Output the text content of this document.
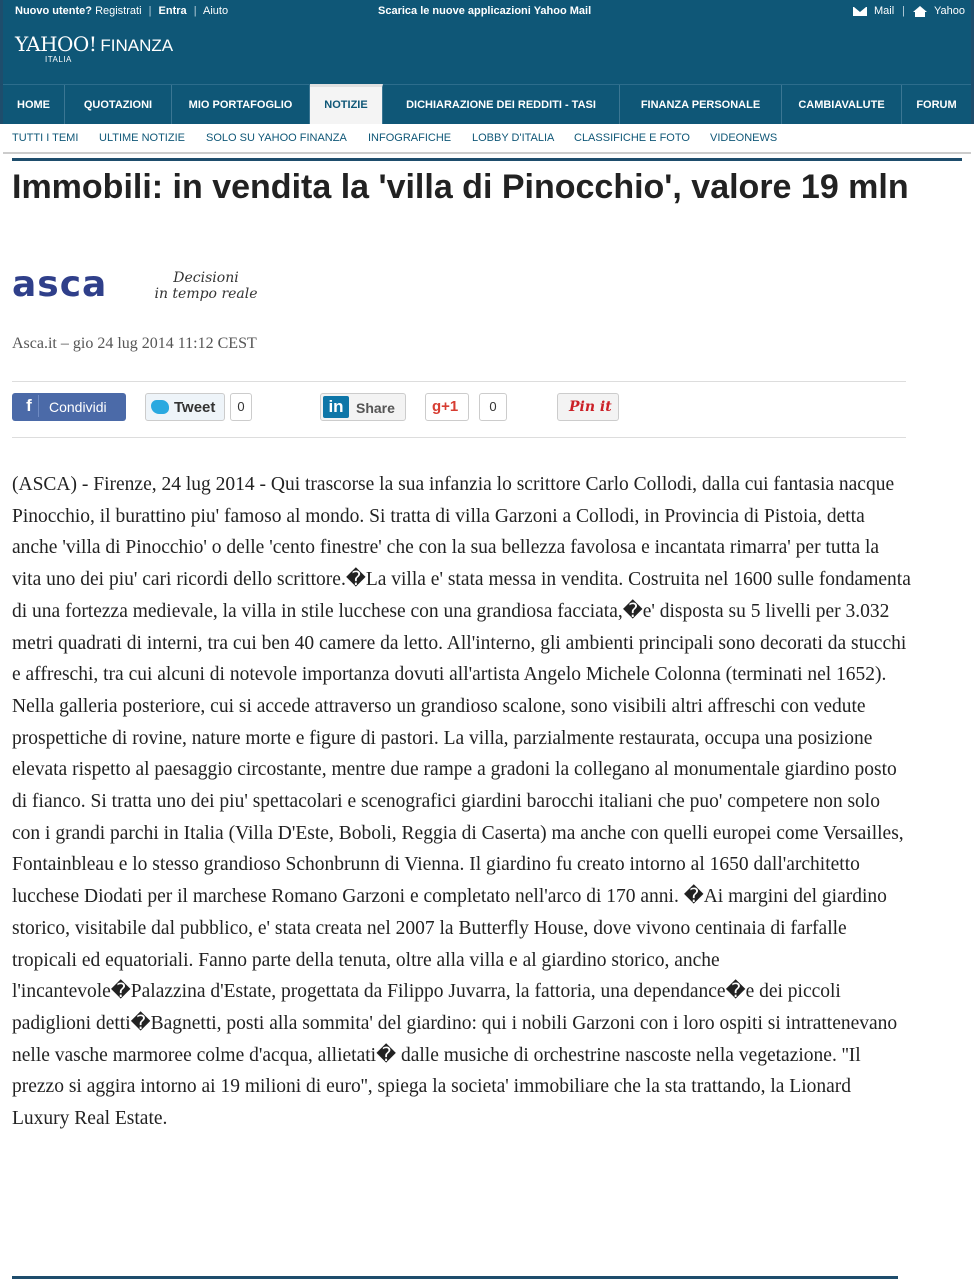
Nuovo utente? Registrati | Entra | Aiuto	Scarica le nuove applicazioni Yahoo Mail	Mail |	Yahoo
YAHOO! FINANZA
ITALIA
HOME	QUOTAZIONI	MIO PORTAFOGLIO	NOTIZIE	DICHIARAZIONE DEI REDDITI - TASI	FINANZA PERSONALE	CAMBIAVALUTE	FORUM
TUTTI I TEMI ULTIME NOTIZIE SOLO SU YAHOO FINANZA INFOGRAFICHE LOBBY D'ITALIA CLASSIFICHE E FOTO VIDEONEWS
Immobili: in vendita la 'villa di Pinocchio', valore 19 mln
asca	Decisioni
in tempo reale
Asca.it – gio 24 lug 2014 11:12 CEST
f	Condividi	Tweet	0	in Share g+1	0	Pin it

(ASCA) - Firenze, 24 lug 2014 - Qui trascorse la sua infanzia lo scrittore Carlo Collodi, dalla cui fantasia nacque Pinocchio, il burattino piu' famoso al mondo. Si tratta di villa Garzoni a Collodi, in Provincia di Pistoia, detta anche 'villa di Pinocchio' o delle 'cento finestre' che con la sua bellezza favolosa e incantata rimarra' per tutta la vita uno dei piu' cari ricordi dello scrittore.�La villa e' stata messa in vendita. Costruita nel 1600 sulle fondamenta di una fortezza medievale, la villa in stile lucchese con una grandiosa facciata,�e' disposta su 5 livelli per 3.032 metri quadrati di interni, tra cui ben 40 camere da letto. All'interno, gli ambienti principali sono decorati da stucchi e affreschi, tra cui alcuni di notevole importanza dovuti all'artista Angelo Michele Colonna (terminati nel 1652). Nella galleria posteriore, cui si accede attraverso un grandioso scalone, sono visibili altri affreschi con vedute prospettiche di rovine, nature morte e figure di pastori. La villa, parzialmente restaurata, occupa una posizione elevata rispetto al paesaggio circostante, mentre due rampe a gradoni la collegano al monumentale giardino posto di fianco. Si tratta uno dei piu' spettacolari e scenografici giardini barocchi italiani che puo' competere non solo con i grandi parchi in Italia (Villa D'Este, Boboli, Reggia di Caserta) ma anche con quelli europei come Versailles, Fontainbleau e lo stesso grandioso Schonbrunn di Vienna. Il giardino fu creato intorno al 1650 dall'architetto lucchese Diodati per il marchese Romano Garzoni e completato nell'arco di 170 anni. �Ai margini del giardino storico, visitabile dal pubblico, e' stata creata nel 2007 la Butterfly House, dove vivono centinaia di farfalle tropicali ed equatoriali. Fanno parte della tenuta, oltre alla villa e al giardino storico, anche l'incantevole�Palazzina d'Estate, progettata da Filippo Juvarra, la fattoria, una dependance�e dei piccoli padiglioni detti�Bagnetti, posti alla sommita' del giardino: qui i nobili Garzoni con i loro ospiti si intrattenevano nelle vasche marmoree colme d'acqua, allietati� dalle musiche di orchestrine nascoste nella vegetazione. ''Il prezzo si aggira intorno ai 19 milioni di euro'', spiega la societa' immobiliare che la sta trattando, la Lionard Luxury Real Estate.
